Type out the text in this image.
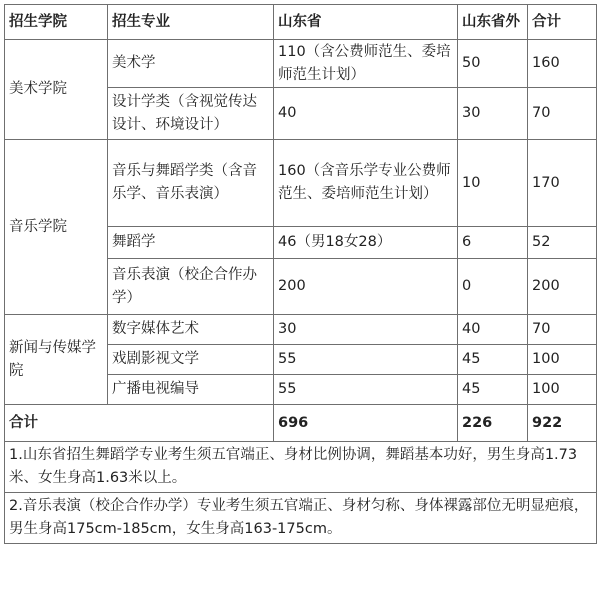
招生学院	招生专业	山东省	山东省外	合计
美术学院	美术学	110（含公费师范生、委培师范生计划）	50	160
	设计学类（含视觉传达设计、环境设计）	40	30	70
音乐学院	音乐与舞蹈学类（含音乐学、音乐表演）	160（含音乐学专业公费师范生、委培师范生计划）	10	170
	舞蹈学	46（男18女28）	6	52
	音乐表演（校企合作办学）	200	0	200
新闻与传媒学院	数字媒体艺术	30	40	70
	戏剧影视文学	55	45	100
	广播电视编导	55	45	100
合计		696	226	922
1.山东省招生舞蹈学专业考生须五官端正、身材比例协调，舞蹈基本功好，男生身高1.73米、女生身高1.63米以上。				
2.音乐表演（校企合作办学）专业考生须五官端正、身材匀称、身体裸露部位无明显疤痕，男生身高175cm-185cm，女生身高163-175cm。				
